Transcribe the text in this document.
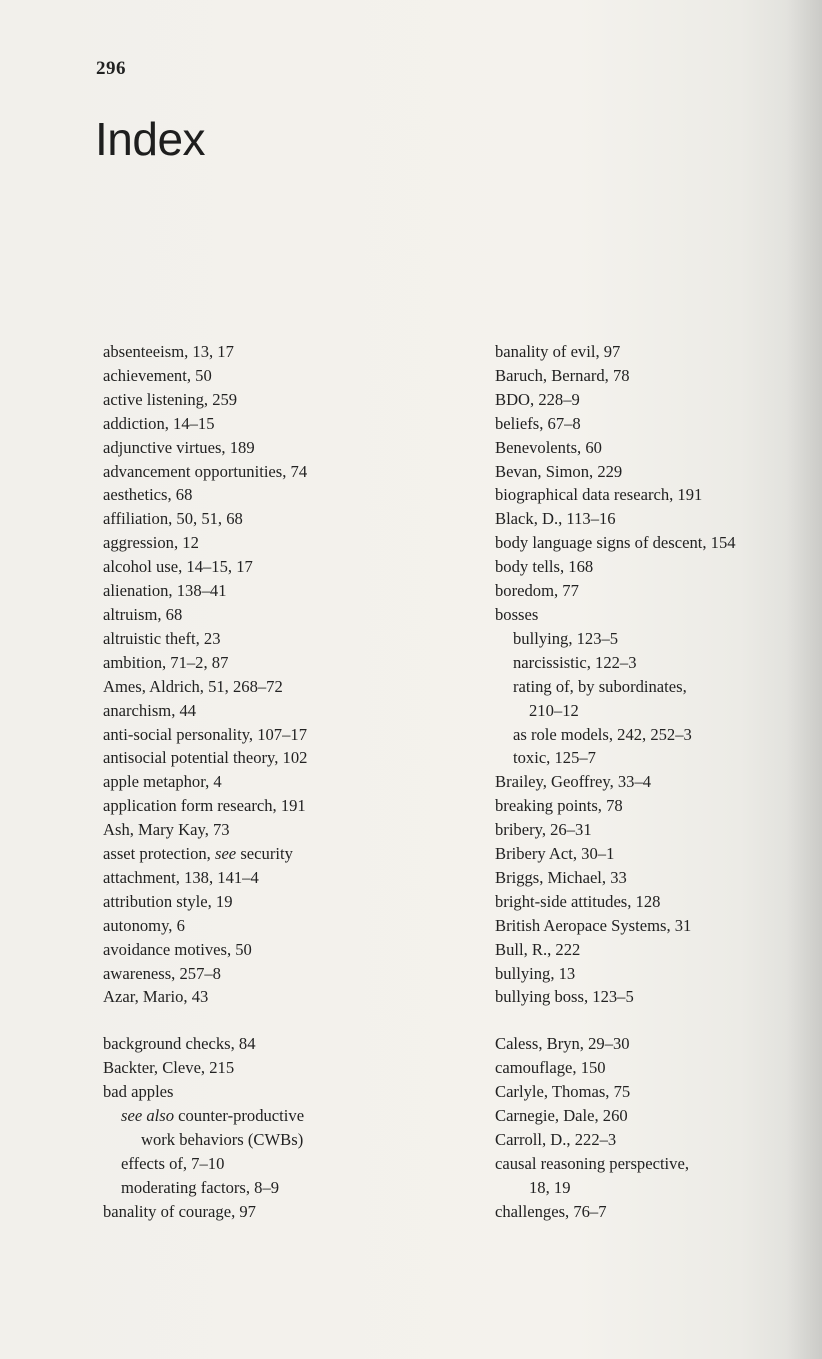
296
Index
absenteeism, 13, 17
achievement, 50
active listening, 259
addiction, 14–15
adjunctive virtues, 189
advancement opportunities, 74
aesthetics, 68
affiliation, 50, 51, 68
aggression, 12
alcohol use, 14–15, 17
alienation, 138–41
altruism, 68
altruistic theft, 23
ambition, 71–2, 87
Ames, Aldrich, 51, 268–72
anarchism, 44
anti-social personality, 107–17
antisocial potential theory, 102
apple metaphor, 4
application form research, 191
Ash, Mary Kay, 73
asset protection, see security
attachment, 138, 141–4
attribution style, 19
autonomy, 6
avoidance motives, 50
awareness, 257–8
Azar, Mario, 43
background checks, 84
Backter, Cleve, 215
bad apples
see also counter-productive
work behaviors (CWBs)
effects of, 7–10
moderating factors, 8–9
banality of courage, 97
banality of evil, 97
Baruch, Bernard, 78
BDO, 228–9
beliefs, 67–8
Benevolents, 60
Bevan, Simon, 229
biographical data research, 191
Black, D., 113–16
body language signs of descent, 154
body tells, 168
boredom, 77
bosses
bullying, 123–5
narcissistic, 122–3
rating of, by subordinates,
210–12
as role models, 242, 252–3
toxic, 125–7
Brailey, Geoffrey, 33–4
breaking points, 78
bribery, 26–31
Bribery Act, 30–1
Briggs, Michael, 33
bright-side attitudes, 128
British Aeropace Systems, 31
Bull, R., 222
bullying, 13
bullying boss, 123–5
Caless, Bryn, 29–30
camouflage, 150
Carlyle, Thomas, 75
Carnegie, Dale, 260
Carroll, D., 222–3
causal reasoning perspective,
18, 19
challenges, 76–7
